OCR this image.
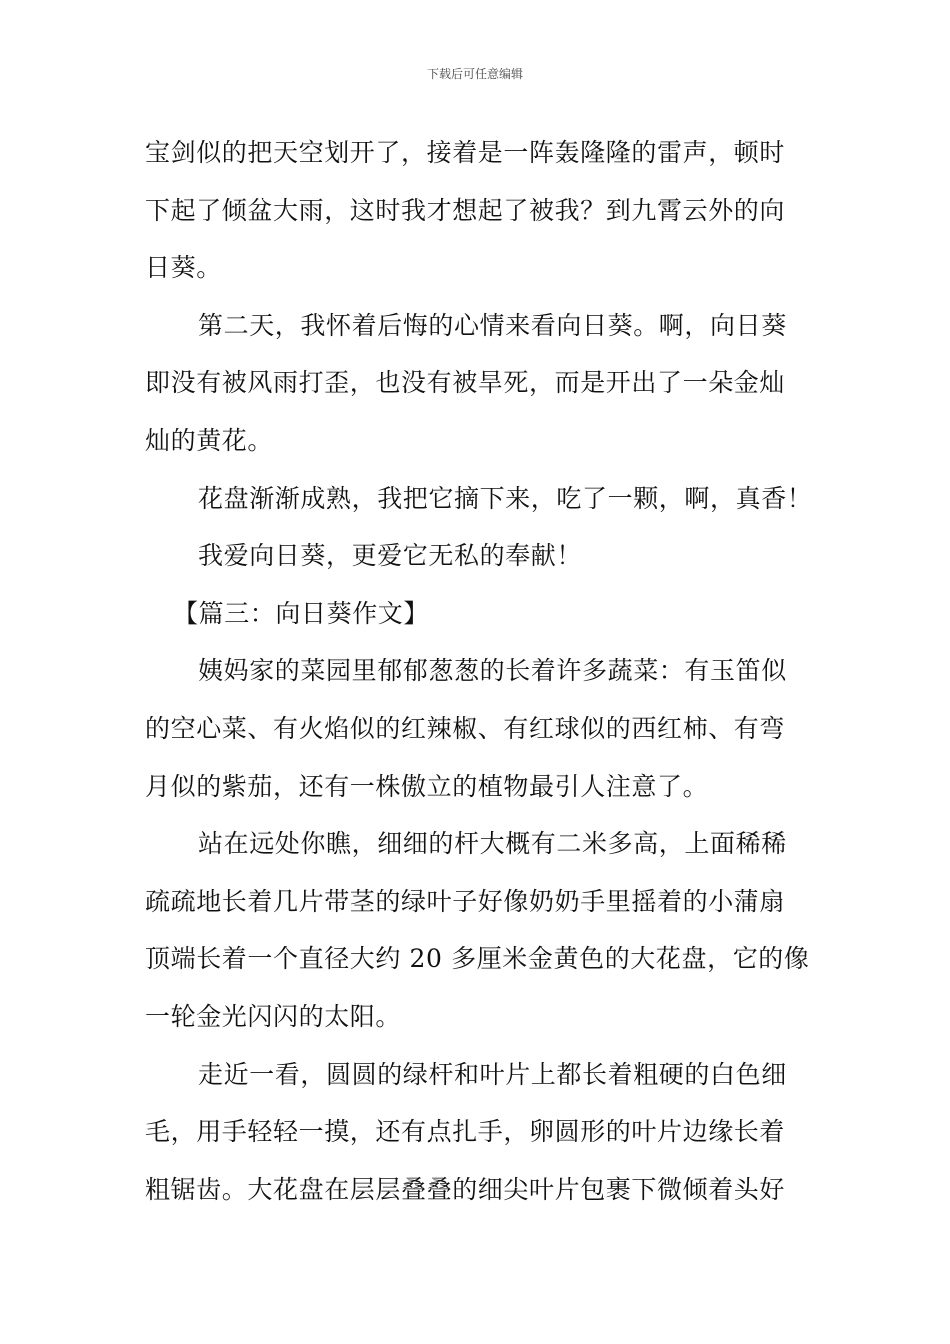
下载后可任意编辑
宝剑似的把天空划开了，接着是一阵轰隆隆的雷声，顿时
下起了倾盆大雨，这时我才想起了被我？到九霄云外的向
日葵。
第二天，我怀着后悔的心情来看向日葵。啊，向日葵
即没有被风雨打歪，也没有被旱死，而是开出了一朵金灿
灿的黄花。
花盘渐渐成熟，我把它摘下来，吃了一颗，啊，真香！
我爱向日葵，更爱它无私的奉献！
【篇三：向日葵作文】
姨妈家的菜园里郁郁葱葱的长着许多蔬菜：有玉笛似
的空心菜、有火焰似的红辣椒、有红球似的西红柿、有弯
月似的紫茄，还有一株傲立的植物最引人注意了。
站在远处你瞧，细细的杆大概有二米多高，上面稀稀
疏疏地长着几片带茎的绿叶子好像奶奶手里摇着的小蒲扇
顶端长着一个直径大约 20 多厘米金黄色的大花盘，它的像
一轮金光闪闪的太阳。
走近一看，圆圆的绿杆和叶片上都长着粗硬的白色细
毛，用手轻轻一摸，还有点扎手，卵圆形的叶片边缘长着
粗锯齿。大花盘在层层叠叠的细尖叶片包裹下微倾着头好
